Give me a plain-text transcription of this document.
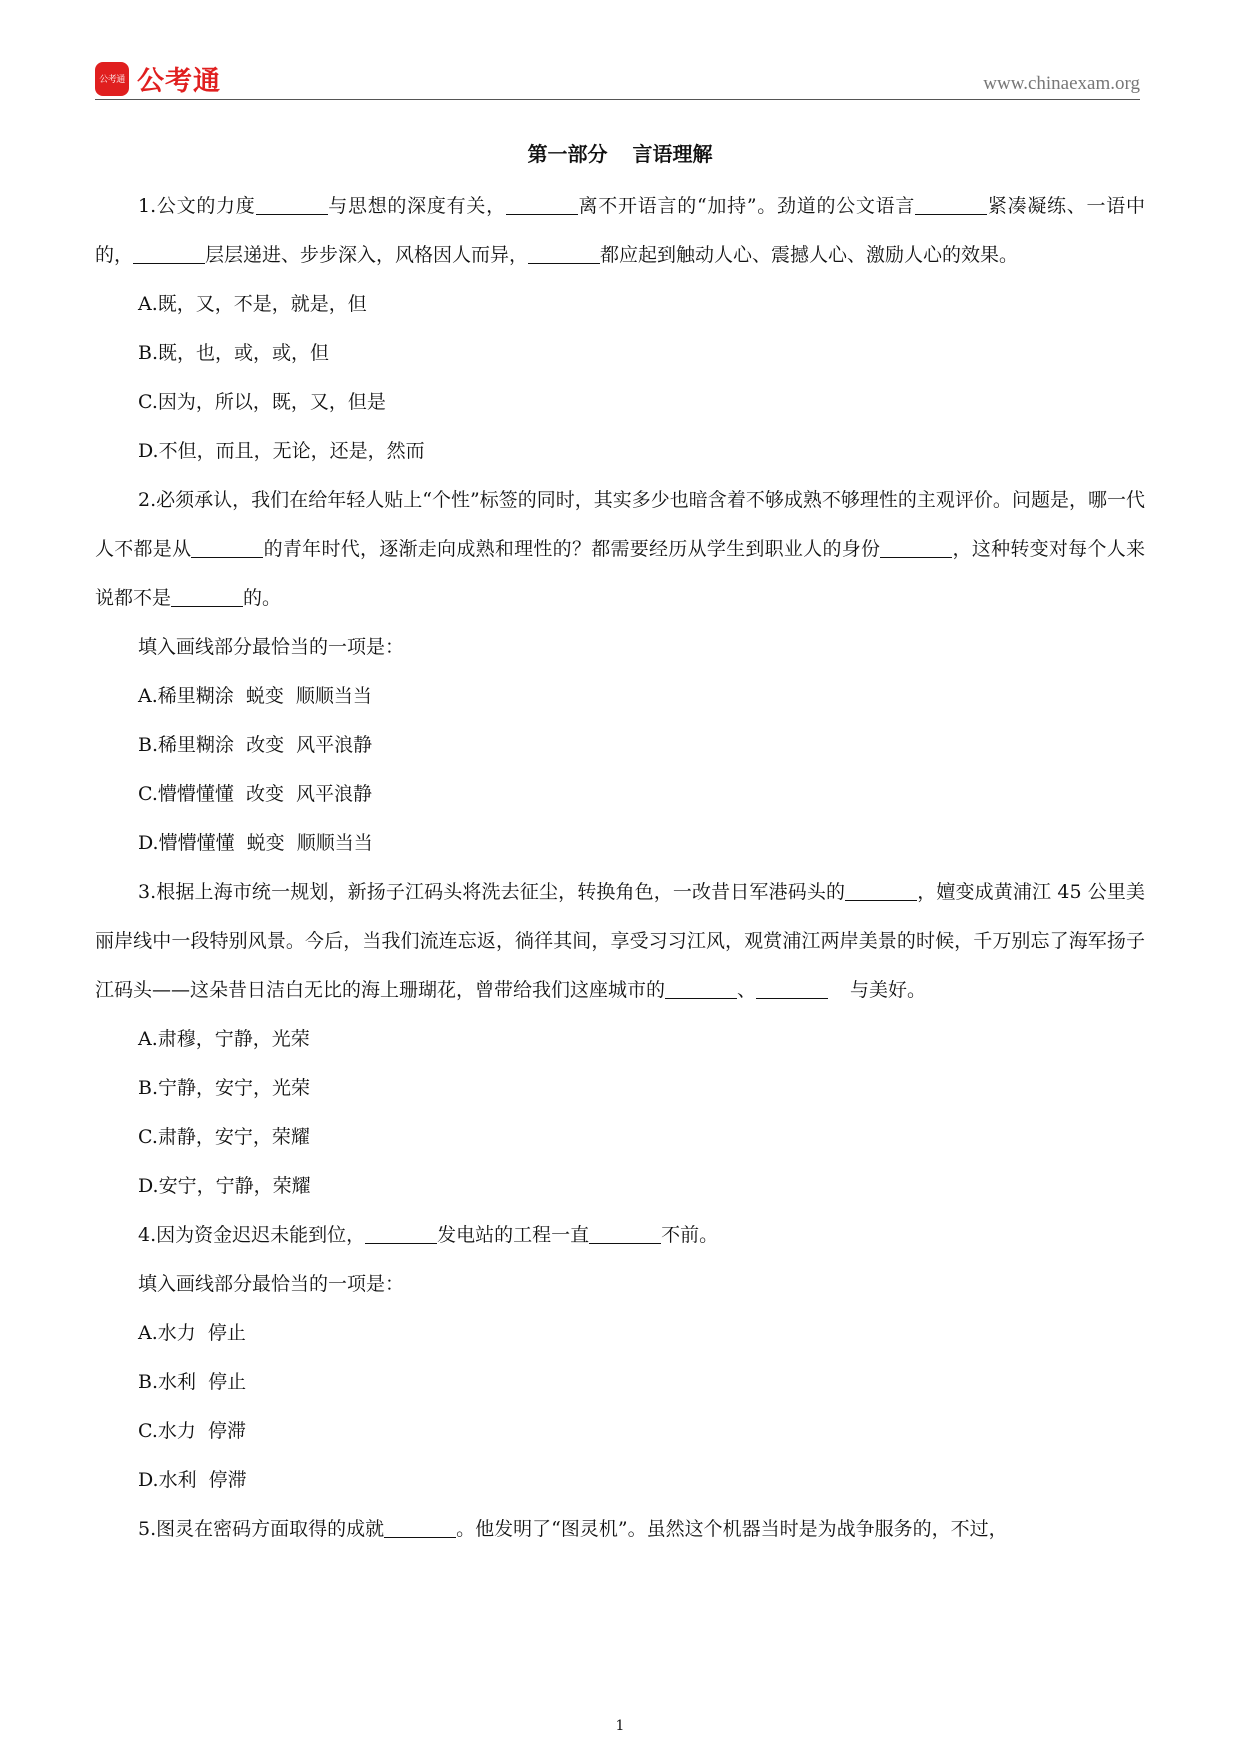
公考通 公考通	www.chinaexam.org
第一部分 言语理解

1.公文的力度	与思想的深度有关，	离不开语言的“加持”。劲道的公文语言	紧凑凝练、一语中的，	层层递进、步步深入，风格因人而异，	都应起到触动人心、震撼人心、激励人心的效果。

A.既，又，不是，就是，但

B.既，也，或，或，但

C.因为，所以，既，又，但是

D.不但，而且，无论，还是，然而

2.必须承认，我们在给年轻人贴上“个性”标签的同时，其实多少也暗含着不够成熟不够理性的主观评价。问题是，哪一代人不都是从	的青年时代，逐渐走向成熟和理性的？都需要经历从学生到职业人的身份	，这种转变对每个人来说都不是	的。

填入画线部分最恰当的一项是：

A.稀里糊涂  蜕变  顺顺当当

B.稀里糊涂  改变  风平浪静

C.懵懵懂懂  改变  风平浪静

D.懵懵懂懂  蜕变  顺顺当当

3.根据上海市统一规划，新扬子江码头将洗去征尘，转换角色，一改昔日军港码头的	，嬗变成黄浦江 45 公里美丽岸线中一段特别风景。今后，当我们流连忘返，徜徉其间，享受习习江风，观赏浦江两岸美景的时候，千万别忘了海军扬子江码头——这朵昔日洁白无比的海上珊瑚花，曾带给我们这座城市的	、	与美好。

A.肃穆，宁静，光荣

B.宁静，安宁，光荣

C.肃静，安宁，荣耀

D.安宁，宁静，荣耀

4.因为资金迟迟未能到位，	发电站的工程一直	不前。

填入画线部分最恰当的一项是：

A.水力  停止

B.水利  停止

C.水力  停滞

D.水利  停滞

5.图灵在密码方面取得的成就	。他发明了“图灵机”。虽然这个机器当时是为战争服务的，不过，

1
